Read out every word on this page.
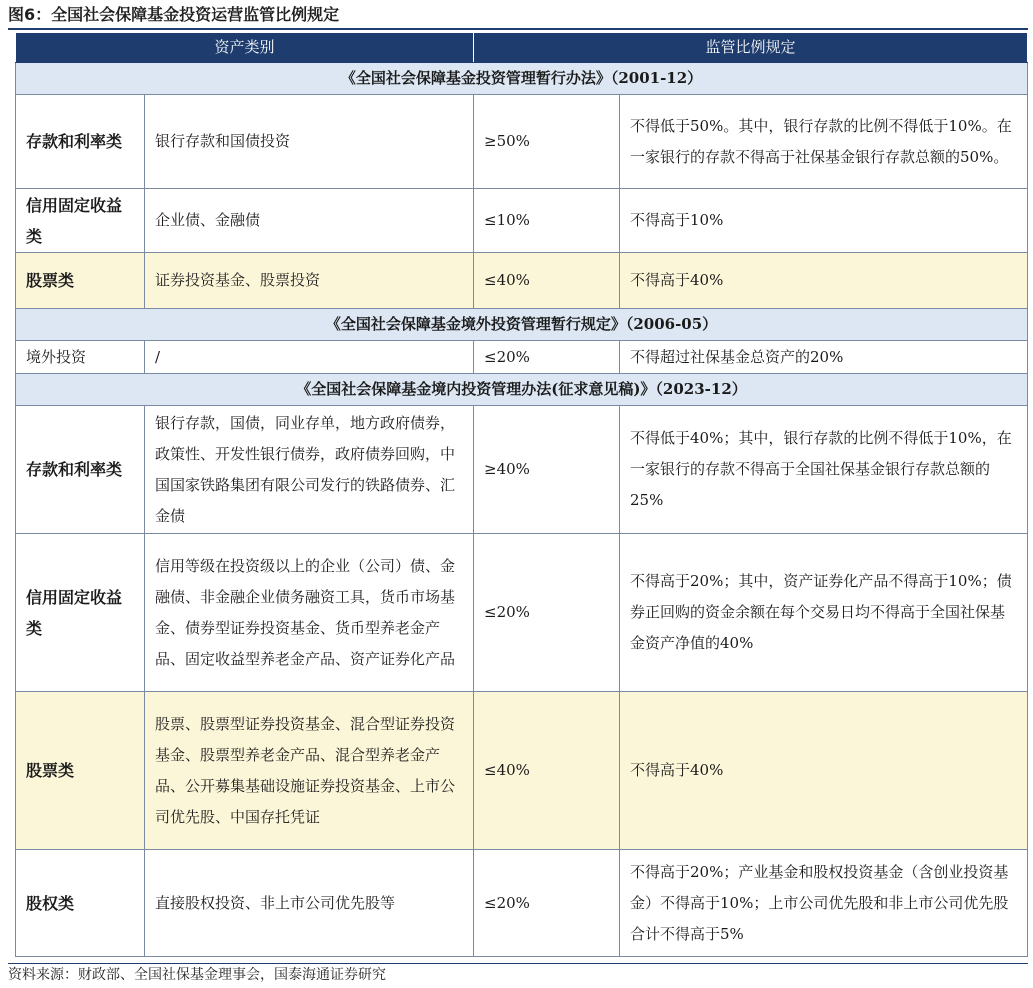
图6：全国社会保障基金投资运营监管比例规定
资产类别		监管比例规定	
《全国社会保障基金投资管理暂行办法》（2001-12）			
存款和利率类	银行存款和国债投资	≥50%	不得低于50%。其中，银行存款的比例不得低于10%。在一家银行的存款不得高于社保基金银行存款总额的50%。
信用固定收益类	企业债、金融债	≤10%	不得高于10%
股票类	证券投资基金、股票投资	≤40%	不得高于40%
《全国社会保障基金境外投资管理暂行规定》（2006-05）			
境外投资	/	≤20%	不得超过社保基金总资产的20%
《全国社会保障基金境内投资管理办法(征求意见稿)》（2023-12）			
存款和利率类	银行存款，国债，同业存单，地方政府债券，政策性、开发性银行债券，政府债券回购，中国国家铁路集团有限公司发行的铁路债券、汇金债	≥40%	不得低于40%；其中，银行存款的比例不得低于10%，在一家银行的存款不得高于全国社保基金银行存款总额的25%
信用固定收益类	信用等级在投资级以上的企业（公司）债、金融债、非金融企业债务融资工具，货币市场基金、债券型证券投资基金、货币型养老金产品、固定收益型养老金产品、资产证券化产品	≤20%	不得高于20%；其中，资产证券化产品不得高于10%；债券正回购的资金余额在每个交易日均不得高于全国社保基金资产净值的40%
股票类	股票、股票型证券投资基金、混合型证券投资基金、股票型养老金产品、混合型养老金产品、公开募集基础设施证券投资基金、上市公司优先股、中国存托凭证	≤40%	不得高于40%
股权类	直接股权投资、非上市公司优先股等	≤20%	不得高于20%；产业基金和股权投资基金（含创业投资基金）不得高于10%；上市公司优先股和非上市公司优先股合计不得高于5%
资料来源：财政部、全国社保基金理事会，国泰海通证券研究
